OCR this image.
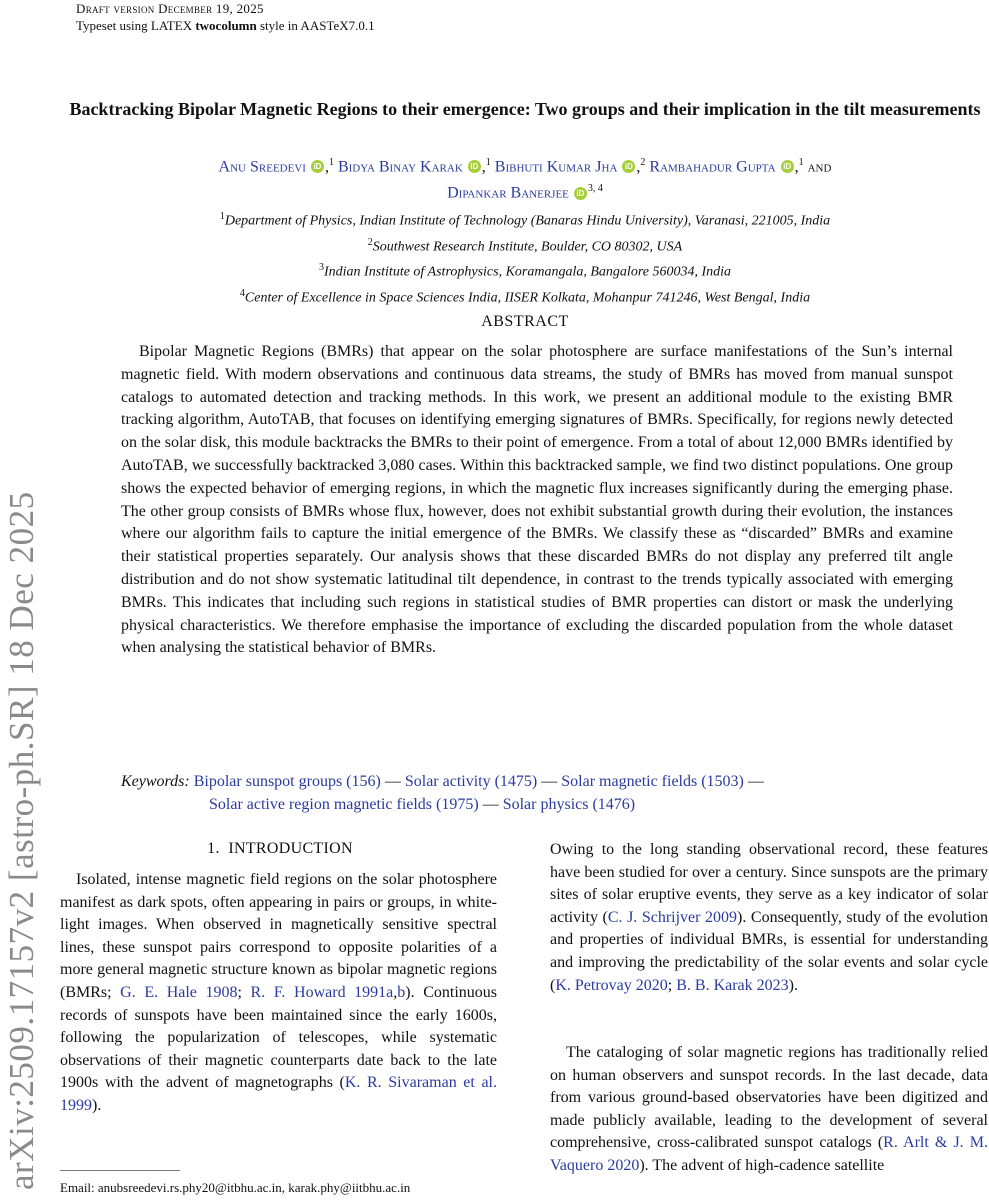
Draft version December 19, 2025
Typeset using LATEX twocolumn style in AASTeX7.0.1
arXiv:2509.17157v2 [astro-ph.SR] 18 Dec 2025
Backtracking Bipolar Magnetic Regions to their emergence: Two groups and their implication in the tilt measurements
Anu Sreedevi iD ,$^1$ Bidya Binay Karak iD ,$^1$ Bibhuti Kumar Jha iD ,$^2$ Rambahadur Gupta iD ,$^1$ and
Dipankar Banerjee iD $^{3, 4}$
$^1$Department of Physics, Indian Institute of Technology (Banaras Hindu University), Varanasi, 221005, India
$^2$Southwest Research Institute, Boulder, CO 80302, USA
$^3$Indian Institute of Astrophysics, Koramangala, Bangalore 560034, India
$^4$Center of Excellence in Space Sciences India, IISER Kolkata, Mohanpur 741246, West Bengal, India
ABSTRACT

Bipolar Magnetic Regions (BMRs) that appear on the solar photosphere are surface manifestations of the Sun’s internal magnetic field. With modern observations and continuous data streams, the study of BMRs has moved from manual sunspot catalogs to automated detection and tracking methods. In this work, we present an additional module to the existing BMR tracking algorithm, AutoTAB, that focuses on identifying emerging signatures of BMRs. Specifically, for regions newly detected on the solar disk, this module backtracks the BMRs to their point of emergence. From a total of about 12,000 BMRs identified by AutoTAB, we successfully backtracked 3,080 cases. Within this backtracked sample, we find two distinct populations. One group shows the expected behavior of emerging regions, in which the magnetic flux increases significantly during the emerging phase. The other group consists of BMRs whose flux, however, does not exhibit substantial growth during their evolution, the instances where our algorithm fails to capture the initial emergence of the BMRs. We classify these as “discarded” BMRs and examine their statistical properties separately. Our analysis shows that these discarded BMRs do not display any preferred tilt angle distribution and do not show systematic latitudinal tilt dependence, in contrast to the trends typically associated with emerging BMRs. This indicates that including such regions in statistical studies of BMR properties can distort or mask the underlying physical characteristics. We therefore emphasise the importance of excluding the discarded population from the whole dataset when analysing the statistical behavior of BMRs.

Keywords: Bipolar sunspot groups (156) — Solar activity (1475) — Solar magnetic fields (1503) —
Solar active region magnetic fields (1975) — Solar physics (1476)
1. INTRODUCTION

Isolated, intense magnetic field regions on the solar photosphere manifest as dark spots, often appearing in pairs or groups, in white-light images. When observed in magnetically sensitive spectral lines, these sunspot pairs correspond to opposite polarities of a more general magnetic structure known as bipolar magnetic regions (BMRs; G. E. Hale 1908; R. F. Howard 1991a,b). Continuous records of sunspots have been maintained since the early 1600s, following the popularization of telescopes, while systematic observations of their magnetic counterparts date back to the late 1900s with the advent of magnetographs (K. R. Sivaraman et al. 1999).

Owing to the long standing observational record, these features have been studied for over a century. Since sunspots are the primary sites of solar eruptive events, they serve as a key indicator of solar activity (C. J. Schrijver 2009). Consequently, study of the evolution and properties of individual BMRs, is essential for understanding and improving the predictability of the solar events and solar cycle (K. Petrovay 2020; B. B. Karak 2023).

The cataloging of solar magnetic regions has traditionally relied on human observers and sunspot records. In the last decade, data from various ground-based observatories have been digitized and made publicly available, leading to the development of several comprehensive, cross-calibrated sunspot catalogs (R. Arlt & J. M. Vaquero 2020). The advent of high-cadence satellite

Email: anubsreedevi.rs.phy20@itbhu.ac.in, karak.phy@iitbhu.ac.in
